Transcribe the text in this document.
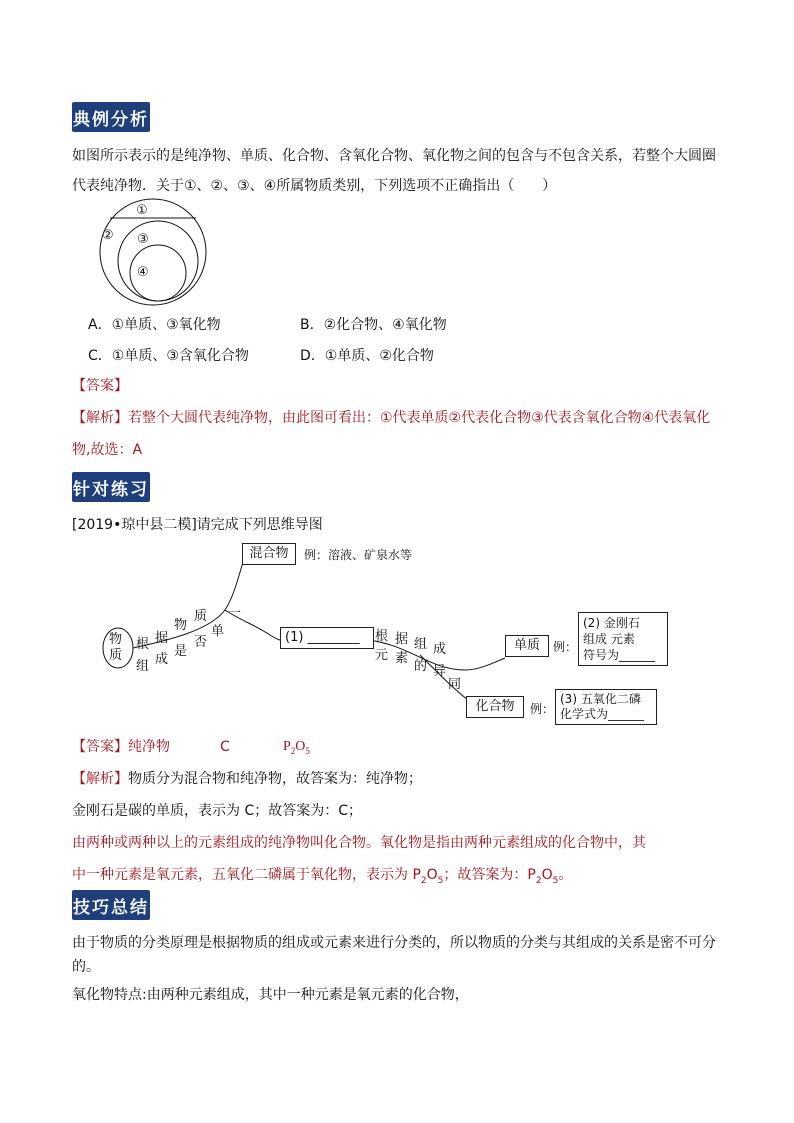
典例分析
如图所示表示的是纯净物、单质、化合物、含氧化合物、氧化物之间的包含与不包含关系，若整个大圆圈
代表纯净物．关于①、②、③、④所属物质类别，下列选项不正确指出（　　）
①
② ③
④
A．①单质、③氧化物	B．②化合物、④氧化物
C．①单质、③含氧化合物	D．①单质、②化合物
【答案】
【解析】若整个大圆代表纯净物，由此图可看出：①代表单质②代表化合物③代表含氧化合物④代表氧化
物,故选：A
针对练习
[2019•琼中县二模]请完成下列思维导图
物
质
根
组
据
成
物
是
质
否
单
一
混合物	例：溶液、矿泉水等
(1) ________	根
元
据
素
组
的
成
异
同
单质	例：
(2) 金刚石
组成 元素
符号为______
化合物	例：
(3) 五氧化二磷
化学式为______
【答案】纯净物	C	$P_2O_5$
【解析】物质分为混合物和纯净物，故答案为：纯净物；
金刚石是碳的单质，表示为 C；故答案为：C；
由两种或两种以上的元素组成的纯净物叫化合物。氧化物是指由两种元素组成的化合物中，其
中一种元素是氧元素，五氧化二磷属于氧化物，表示为 $P_2O_5$；故答案为：$P_2O_5$。
技巧总结
由于物质的分类原理是根据物质的组成或元素来进行分类的，所以物质的分类与其组成的关系是密不可分
的。
氧化物特点:由两种元素组成，其中一种元素是氧元素的化合物，
